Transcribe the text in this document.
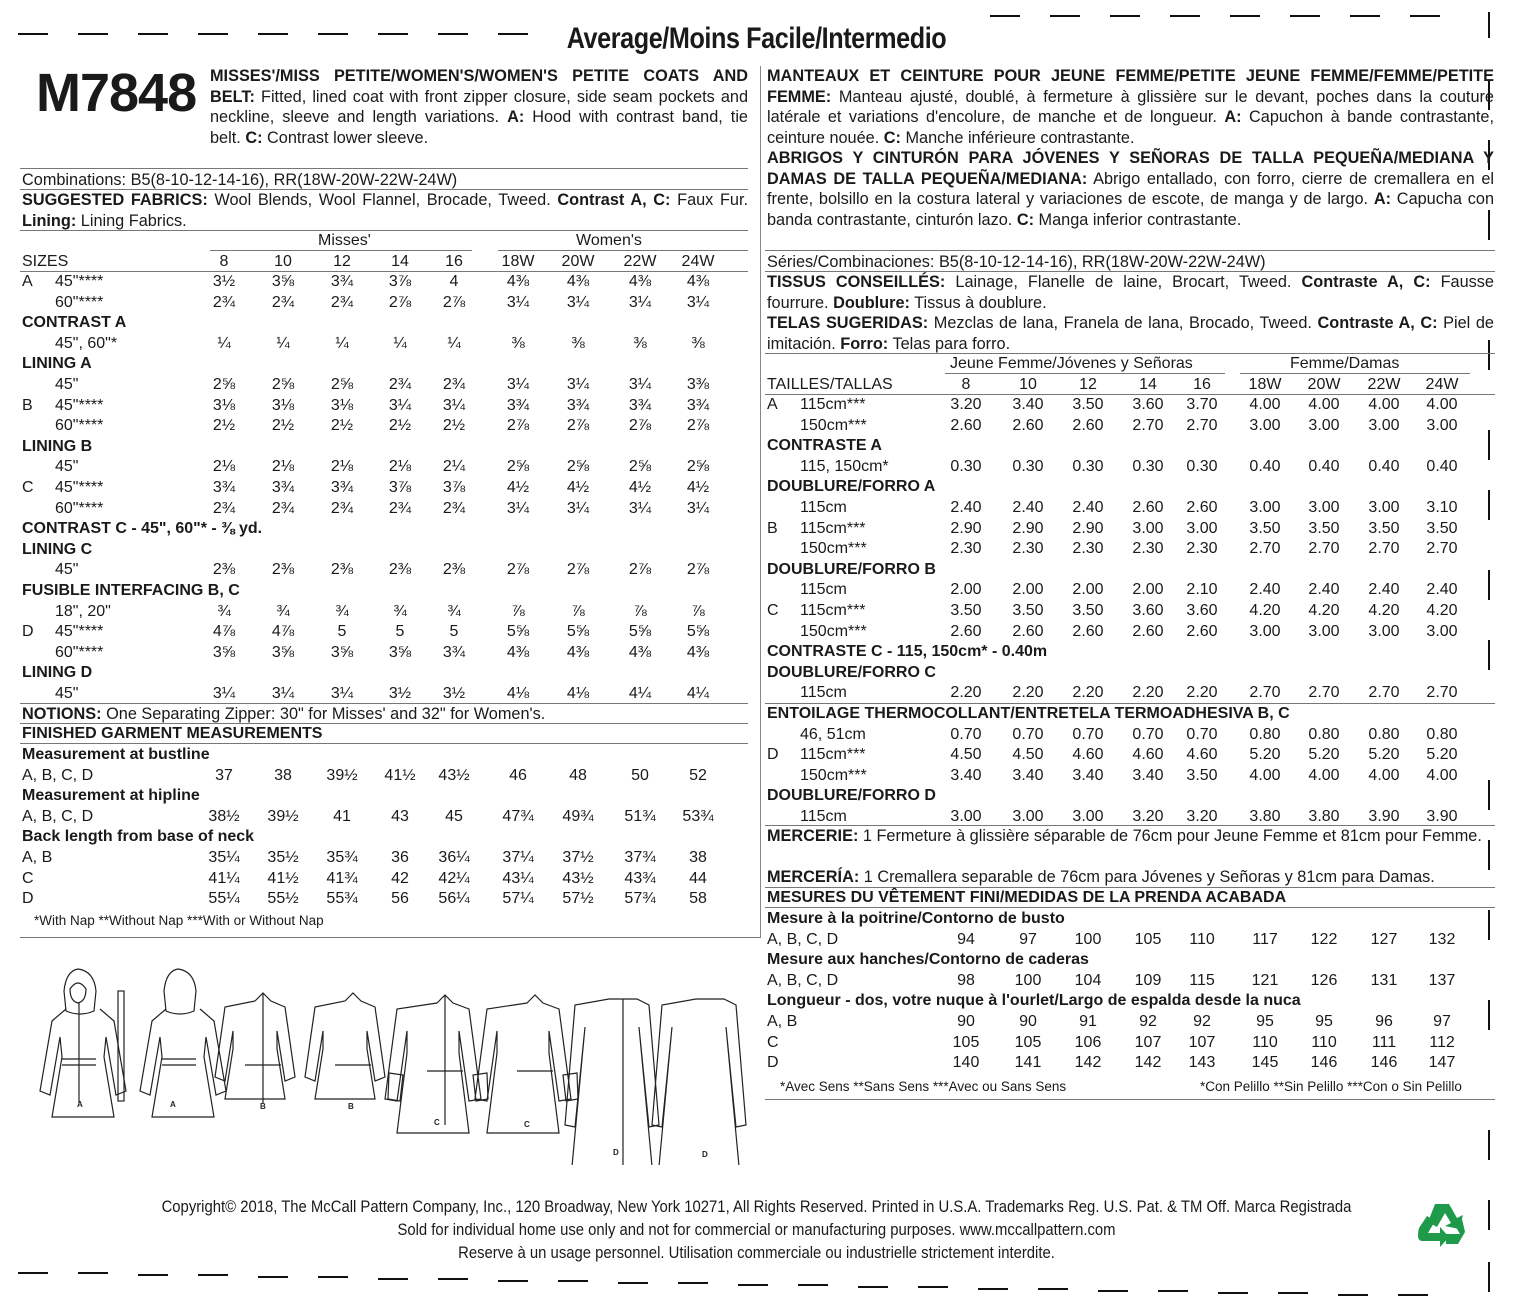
Average/Moins Facile/Intermedio
M7848 MISSES'/MISS PETITE/WOMEN'S/WOMEN'S PETITE COATS AND BELT: Fitted, lined coat with front zipper closure, side seam pockets and neckline, sleeve and length variations. A: Hood with contrast band, tie belt. C: Contrast lower sleeve.
Combinations: B5(8-10-12-14-16), RR(18W-20W-22W-24W)
SUGGESTED FABRICS: Wool Blends, Wool Flannel, Brocade, Tweed. Contrast A, C: Faux Fur. Lining: Lining Fabrics.
Misses'	Women's
SIZES	8	10	12	14	16	18W	20W	22W	24W
A 45"****	3½	3⅝	3¾	3⅞	4	4⅜	4⅜	4⅜	4⅜
60"****	2¾	2¾	2¾	2⅞	2⅞	3¼	3¼	3¼	3¼
CONTRAST A
45", 60"*	¼	¼	¼	¼	¼	⅜	⅜	⅜	⅜
LINING A
45"	2⅝	2⅝	2⅝	2¾	2¾	3¼	3¼	3¼	3⅜
B 45"****	3⅛	3⅛	3⅛	3¼	3¼	3¾	3¾	3¾	3¾
60"****	2½	2½	2½	2½	2½	2⅞	2⅞	2⅞	2⅞
LINING B
45"	2⅛	2⅛	2⅛	2⅛	2¼	2⅝	2⅝	2⅝	2⅝
C 45"****	3¾	3¾	3¾	3⅞	3⅞	4½	4½	4½	4½
60"****	2¾	2¾	2¾	2¾	2¾	3¼	3¼	3¼	3¼
CONTRAST C - 45", 60"* - ⅜ yd.
LINING C
45"	2⅜	2⅜	2⅜	2⅜	2⅜	2⅞	2⅞	2⅞	2⅞
FUSIBLE INTERFACING B, C
18", 20"	¾	¾	¾	¾	¾	⅞	⅞	⅞	⅞
D 45"****	4⅞	4⅞	5	5	5	5⅝	5⅝	5⅝	5⅝
60"****	3⅝	3⅝	3⅝	3⅝	3¾	4⅜	4⅜	4⅜	4⅜
LINING D
45"	3¼	3¼	3¼	3½	3½	4⅛	4⅛	4¼	4¼
NOTIONS: One Separating Zipper: 30" for Misses' and 32" for Women's.
FINISHED GARMENT MEASUREMENTS
Measurement at bustline
A, B, C, D	37	38	39½	41½	43½	46	48	50	52
Measurement at hipline
A, B, C, D	38½	39½	41	43	45	47¾	49¾	51¾	53¾
Back length from base of neck
A, B	35¼	35½	35¾	36	36¼	37¼	37½	37¾	38
C	41¼	41½	41¾	42	42¼	43¼	43½	43¾	44
D	55¼	55½	55¾	56	56¼	57¼	57½	57¾	58
*With Nap **Without Nap ***With or Without Nap
MANTEAUX ET CEINTURE POUR JEUNE FEMME/PETITE JEUNE FEMME/FEMME/PETITE FEMME: Manteau ajusté, doublé, à fermeture à glissière sur le devant, poches dans la couture latérale et variations d'encolure, de manche et de longueur. A: Capuchon à bande contrastante, ceinture nouée. C: Manche inférieure contrastante.
ABRIGOS Y CINTURÓN PARA JÓVENES Y SEÑORAS DE TALLA PEQUEÑA/MEDIANA Y DAMAS DE TALLA PEQUEÑA/MEDIANA: Abrigo entallado, con forro, cierre de cremallera en el frente, bolsillo en la costura lateral y variaciones de escote, de manga y de largo. A: Capucha con banda contrastante, cinturón lazo. C: Manga inferior contrastante.
Séries/Combinaciones: B5(8-10-12-14-16), RR(18W-20W-22W-24W)
TISSUS CONSEILLÉS: Lainage, Flanelle de laine, Brocart, Tweed. Contraste A, C: Fausse fourrure. Doublure: Tissus à doublure.
TELAS SUGERIDAS: Mezclas de lana, Franela de lana, Brocado, Tweed. Contraste A, C: Piel de imitación. Forro: Telas para forro.
Jeune Femme/Jóvenes y Señoras	Femme/Damas
TAILLES/TALLAS	8	10	12	14	16	18W	20W	22W	24W
A 115cm***	3.20	3.40	3.50	3.60	3.70	4.00	4.00	4.00	4.00
150cm***	2.60	2.60	2.60	2.70	2.70	3.00	3.00	3.00	3.00
CONTRASTE A
115, 150cm*	0.30	0.30	0.30	0.30	0.30	0.40	0.40	0.40	0.40
DOUBLURE/FORRO A
115cm	2.40	2.40	2.40	2.60	2.60	3.00	3.00	3.00	3.10
B 115cm***	2.90	2.90	2.90	3.00	3.00	3.50	3.50	3.50	3.50
150cm***	2.30	2.30	2.30	2.30	2.30	2.70	2.70	2.70	2.70
DOUBLURE/FORRO B
115cm	2.00	2.00	2.00	2.00	2.10	2.40	2.40	2.40	2.40
C 115cm***	3.50	3.50	3.50	3.60	3.60	4.20	4.20	4.20	4.20
150cm***	2.60	2.60	2.60	2.60	2.60	3.00	3.00	3.00	3.00
CONTRASTE C - 115, 150cm* - 0.40m
DOUBLURE/FORRO C
115cm	2.20	2.20	2.20	2.20	2.20	2.70	2.70	2.70	2.70
ENTOILAGE THERMOCOLLANT/ENTRETELA TERMOADHESIVA B, C
46, 51cm	0.70	0.70	0.70	0.70	0.70	0.80	0.80	0.80	0.80
D 115cm***	4.50	4.50	4.60	4.60	4.60	5.20	5.20	5.20	5.20
150cm***	3.40	3.40	3.40	3.40	3.50	4.00	4.00	4.00	4.00
DOUBLURE/FORRO D
115cm	3.00	3.00	3.00	3.20	3.20	3.80	3.80	3.90	3.90
MERCERIE: 1 Fermeture à glissière séparable de 76cm pour Jeune Femme et 81cm pour Femme.
MERCERÍA: 1 Cremallera separable de 76cm para Jóvenes y Señoras y 81cm para Damas.
MESURES DU VÊTEMENT FINI/MEDIDAS DE LA PRENDA ACABADA
Mesure à la poitrine/Contorno de busto
A, B, C, D	94	97	100	105	110	117	122	127	132
Mesure aux hanches/Contorno de caderas
A, B, C, D	98	100	104	109	115	121	126	131	137
Longueur - dos, votre nuque à l'ourlet/Largo de espalda desde la nuca
A, B	90	90	91	92	92	95	95	96	97
C	105	105	106	107	107	110	110	111	112
D	140	141	142	142	143	145	146	146	147
*Avec Sens **Sans Sens ***Avec ou Sans Sens	*Con Pelillo **Sin Pelillo ***Con o Sin Pelillo
A	A	B	B
C	C
D	D
Copyright© 2018, The McCall Pattern Company, Inc., 120 Broadway, New York 10271, All Rights Reserved. Printed in U.S.A. Trademarks Reg. U.S. Pat. & TM Off. Marca Registrada
Sold for individual home use only and not for commercial or manufacturing purposes. www.mccallpattern.com
Reserve à un usage personnel. Utilisation commerciale ou industrielle strictement interdite.
